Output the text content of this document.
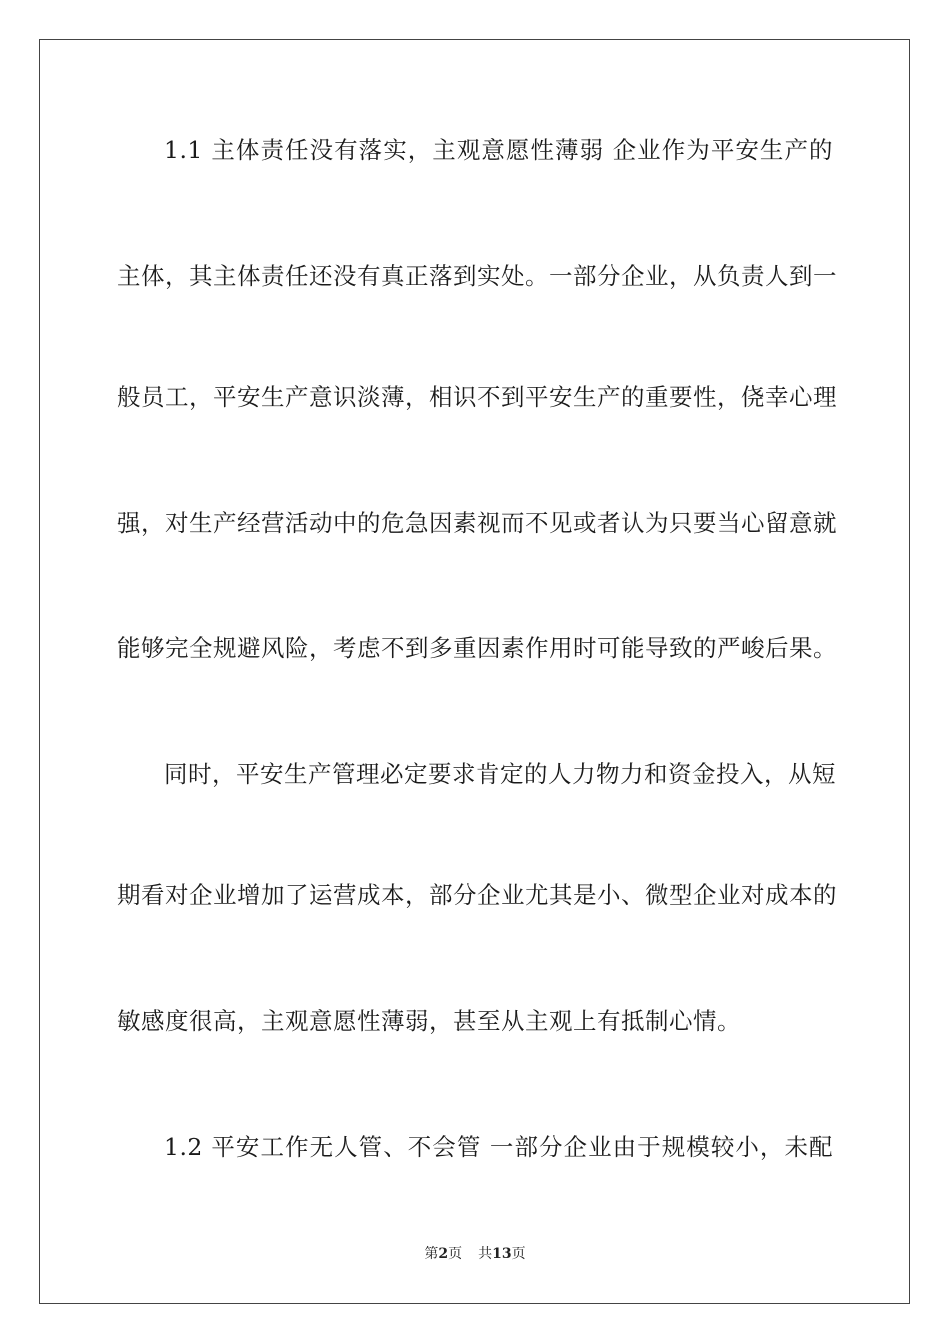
1.1 主体责任没有落实，主观意愿性薄弱 企业作为平安生产的

主体，其主体责任还没有真正落到实处。一部分企业，从负责人到一

般员工，平安生产意识淡薄，相识不到平安生产的重要性，侥幸心理

强，对生产经营活动中的危急因素视而不见或者认为只要当心留意就

能够完全规避风险，考虑不到多重因素作用时可能导致的严峻后果。

同时，平安生产管理必定要求肯定的人力物力和资金投入，从短

期看对企业增加了运营成本，部分企业尤其是小、微型企业对成本的

敏感度很高，主观意愿性薄弱，甚至从主观上有抵制心情。

1.2 平安工作无人管、不会管 一部分企业由于规模较小，未配

第2页 共13页
